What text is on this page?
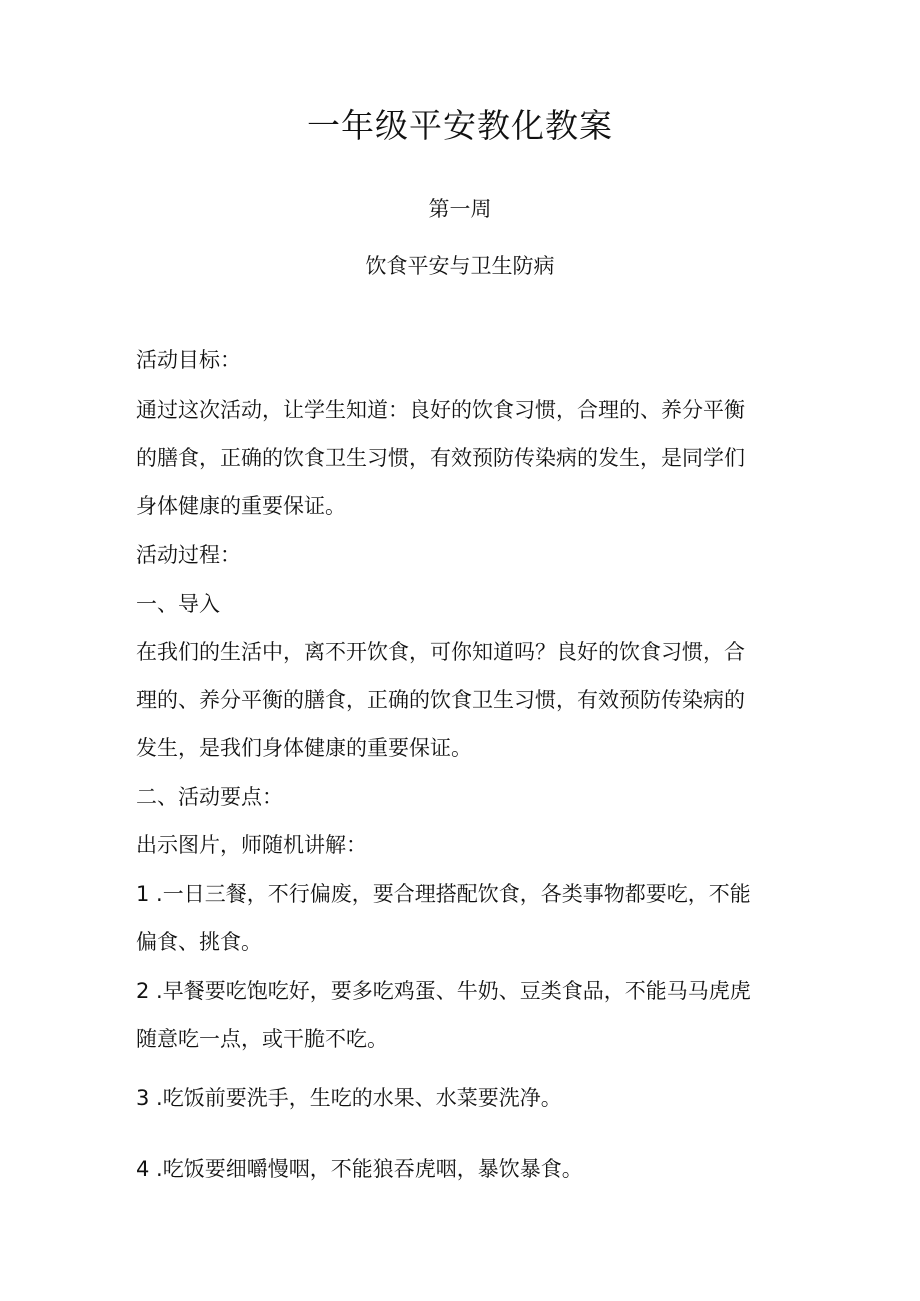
一年级平安教化教案
第一周
饮食平安与卫生防病
活动目标：
通过这次活动，让学生知道：良好的饮食习惯，合理的、养分平衡
的膳食，正确的饮食卫生习惯，有效预防传染病的发生，是同学们
身体健康的重要保证。
活动过程：
一、导入
在我们的生活中，离不开饮食，可你知道吗？良好的饮食习惯，合
理的、养分平衡的膳食，正确的饮食卫生习惯，有效预防传染病的
发生，是我们身体健康的重要保证。
二、活动要点：
出示图片，师随机讲解：
1 .一日三餐，不行偏废，要合理搭配饮食，各类事物都要吃，不能
偏食、挑食。
2 .早餐要吃饱吃好，要多吃鸡蛋、牛奶、豆类食品，不能马马虎虎
随意吃一点，或干脆不吃。
3 .吃饭前要洗手，生吃的水果、水菜要洗净。
4 .吃饭要细嚼慢咽，不能狼吞虎咽，暴饮暴食。
